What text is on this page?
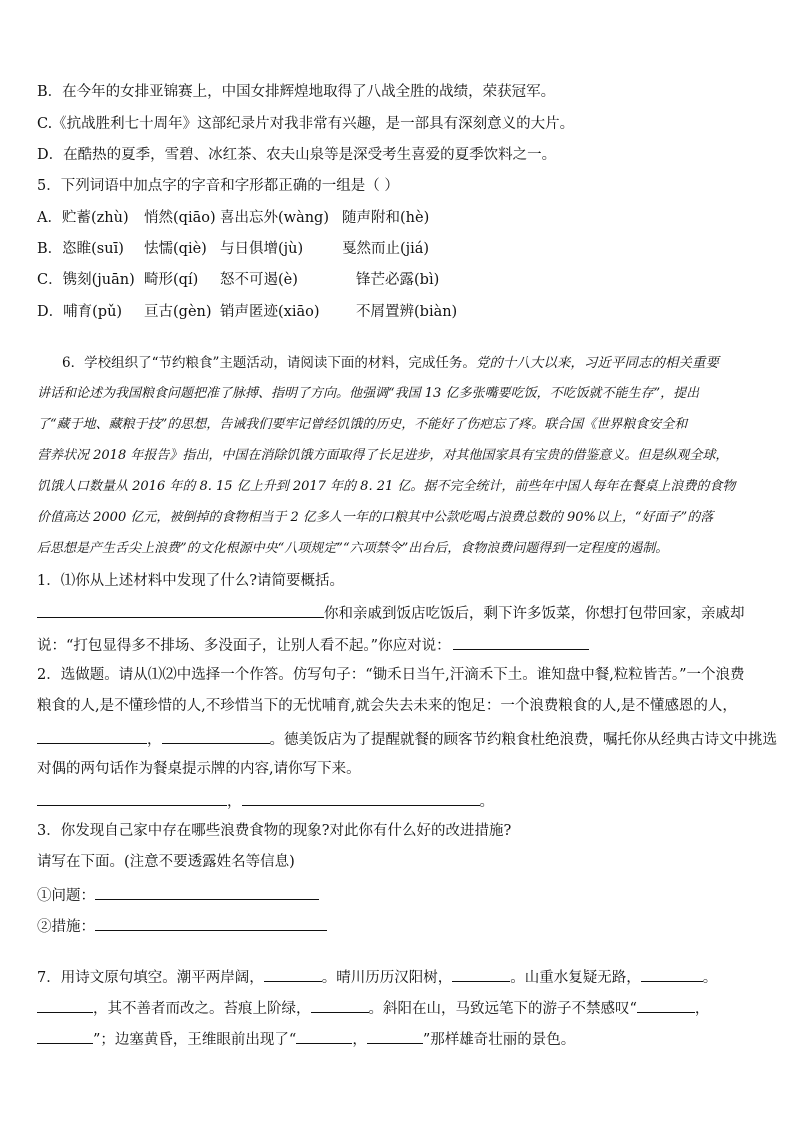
B．在今年的女排亚锦赛上，中国女排辉煌地取得了八战全胜的战绩，荣获冠军。
C.《抗战胜利七十周年》这部纪录片对我非常有兴趣，是一部具有深刻意义的大片。
D．在酷热的夏季，雪碧、冰红茶、农夫山泉等是深受考生喜爱的夏季饮料之一。
5．下列词语中加点字的字音和字形都正确的一组是（ ）
A．贮蓄(zhù) 悄然(qiāo) 喜出忘外(wàng) 随声附和(hè)
B．恣睢(suī) 怯懦(qiè) 与日俱增(jù)	戛然而止(jiá)
C．镌刻(juān) 畸形(qí) 怒不可遏(è)	锋芒必露(bì)
D．哺育(pǔ) 亘古(gèn) 销声匿迹(xiāo)	不屑置辨(biàn)
6．学校组织了“节约粮食”主题活动，请阅读下面的材料，完成任务。党的十八大以来，习近平同志的相关重要
讲话和论述为我国粮食问题把准了脉搏、指明了方向。他强调“我国 13 亿多张嘴要吃饭，不吃饭就不能生存”，提出
了“藏于地、藏粮于技”的思想，告诫我们要牢记曾经饥饿的历史，不能好了伤疤忘了疼。联合国《世界粮食安全和
营养状况 2018 年报告》指出，中国在消除饥饿方面取得了长足进步，对其他国家具有宝贵的借鉴意义。但是纵观全球，
饥饿人口数量从 2016 年的 8. 15 亿上升到 2017 年的 8. 21 亿。据不完全统计，前些年中国人每年在餐桌上浪费的食物
价值高达 2000 亿元，被倒掉的食物相当于 2 亿多人一年的口粮其中公款吃喝占浪费总数的 90%以上，“好面子”的落
后思想是产生舌尖上浪费”的文化根源中央“八项规定”“六项禁令”出台后，食物浪费问题得到一定程度的遏制。
1．⑴你从上述材料中发现了什么?请简要概括。
你和亲戚到饭店吃饭后，剩下许多饭菜，你想打包带回家，亲戚却
说：“打包显得多不排场、多没面子，让别人看不起。”你应对说：
2．选做题。请从⑴⑵中选择一个作答。仿写句子：“锄禾日当午,汗滴禾下土。谁知盘中餐,粒粒皆苦。”一个浪费
粮食的人,是不懂珍惜的人,不珍惜当下的无忧哺育,就会失去未来的饱足：一个浪费粮食的人,是不懂感恩的人，
，	。德美饭店为了提醒就餐的顾客节约粮食杜绝浪费，嘱托你从经典古诗文中挑选
对偶的两句话作为餐桌提示牌的内容,请你写下来。
，	。
3．你发现自己家中存在哪些浪费食物的现象?对此你有什么好的改进措施?
请写在下面。(注意不要透露姓名等信息)
①问题：
②措施：
7．用诗文原句填空。潮平两岸阔，	。晴川历历汉阳树，	。山重水复疑无路，	。
，其不善者而改之。苔痕上阶绿，	。斜阳在山，马致远笔下的游子不禁感叹“	，
”；边塞黄昏，王维眼前出现了“	，	”那样雄奇壮丽的景色。
